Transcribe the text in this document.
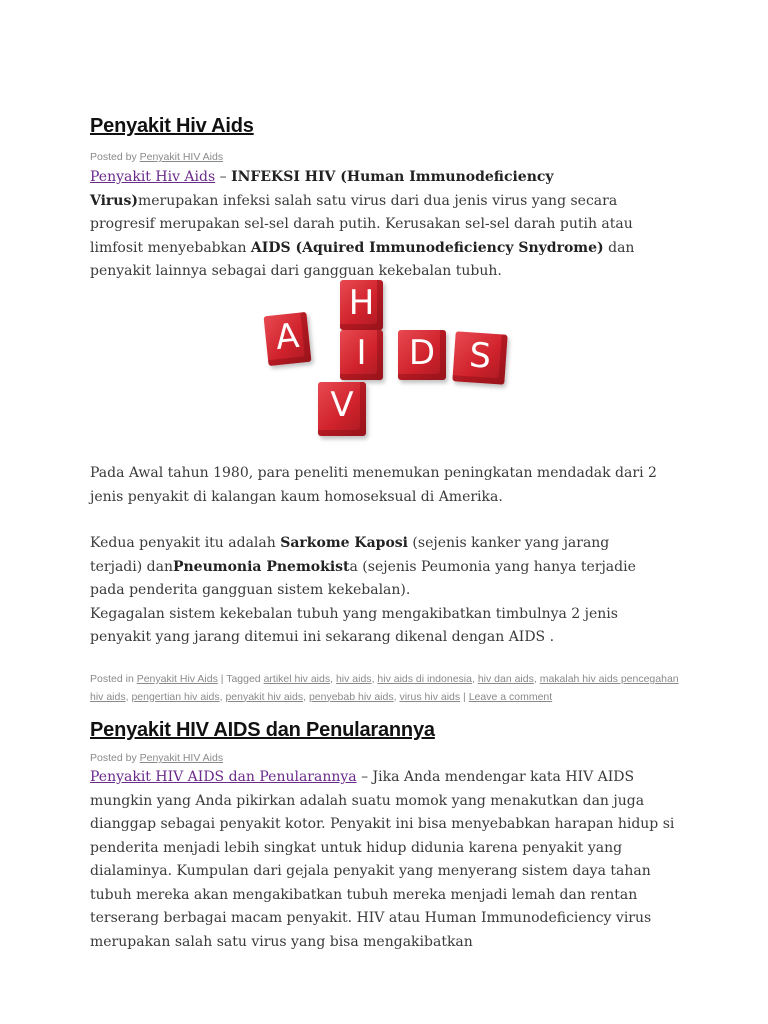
Penyakit Hiv Aids
Posted by Penyakit HIV Aids

Penyakit Hiv Aids – INFEKSI HIV (Human Immunodeficiency Virus)merupakan infeksi salah satu virus dari dua jenis virus yang secara progresif merupakan sel-sel darah putih. Kerusakan sel-sel darah putih atau limfosit menyebabkan AIDS (Aquired Immunodeficiency Snydrome) dan penyakit lainnya sebagai dari gangguan kekebalan tubuh.

Pada Awal tahun 1980, para peneliti menemukan peningkatan mendadak dari 2 jenis penyakit di kalangan kaum homoseksual di Amerika.

Kedua penyakit itu adalah Sarkome Kaposi (sejenis kanker yang jarang terjadi) danPneumonia Pnemokista (sejenis Peumonia yang hanya terjadie pada penderita gangguan sistem kekebalan).

Kegagalan sistem kekebalan tubuh yang mengakibatkan timbulnya 2 jenis penyakit yang jarang ditemui ini sekarang dikenal dengan AIDS .

Posted in Penyakit Hiv Aids | Tagged artikel hiv aids, hiv aids, hiv aids di indonesia, hiv dan aids, makalah hiv aids pencegahan hiv aids, pengertian hiv aids, penyakit hiv aids, penyebab hiv aids, virus hiv aids | Leave a comment
Penyakit HIV AIDS dan Penularannya
Posted by Penyakit HIV Aids

Penyakit HIV AIDS dan Penularannya – Jika Anda mendengar kata HIV AIDS mungkin yang Anda pikirkan adalah suatu momok yang menakutkan dan juga dianggap sebagai penyakit kotor. Penyakit ini bisa menyebabkan harapan hidup si penderita menjadi lebih singkat untuk hidup didunia karena penyakit yang dialaminya. Kumpulan dari gejala penyakit yang menyerang sistem daya tahan tubuh mereka akan mengakibatkan tubuh mereka menjadi lemah dan rentan terserang berbagai macam penyakit. HIV atau Human Immunodeficiency virus merupakan salah satu virus yang bisa mengakibatkan

H
A	I	D S
V
